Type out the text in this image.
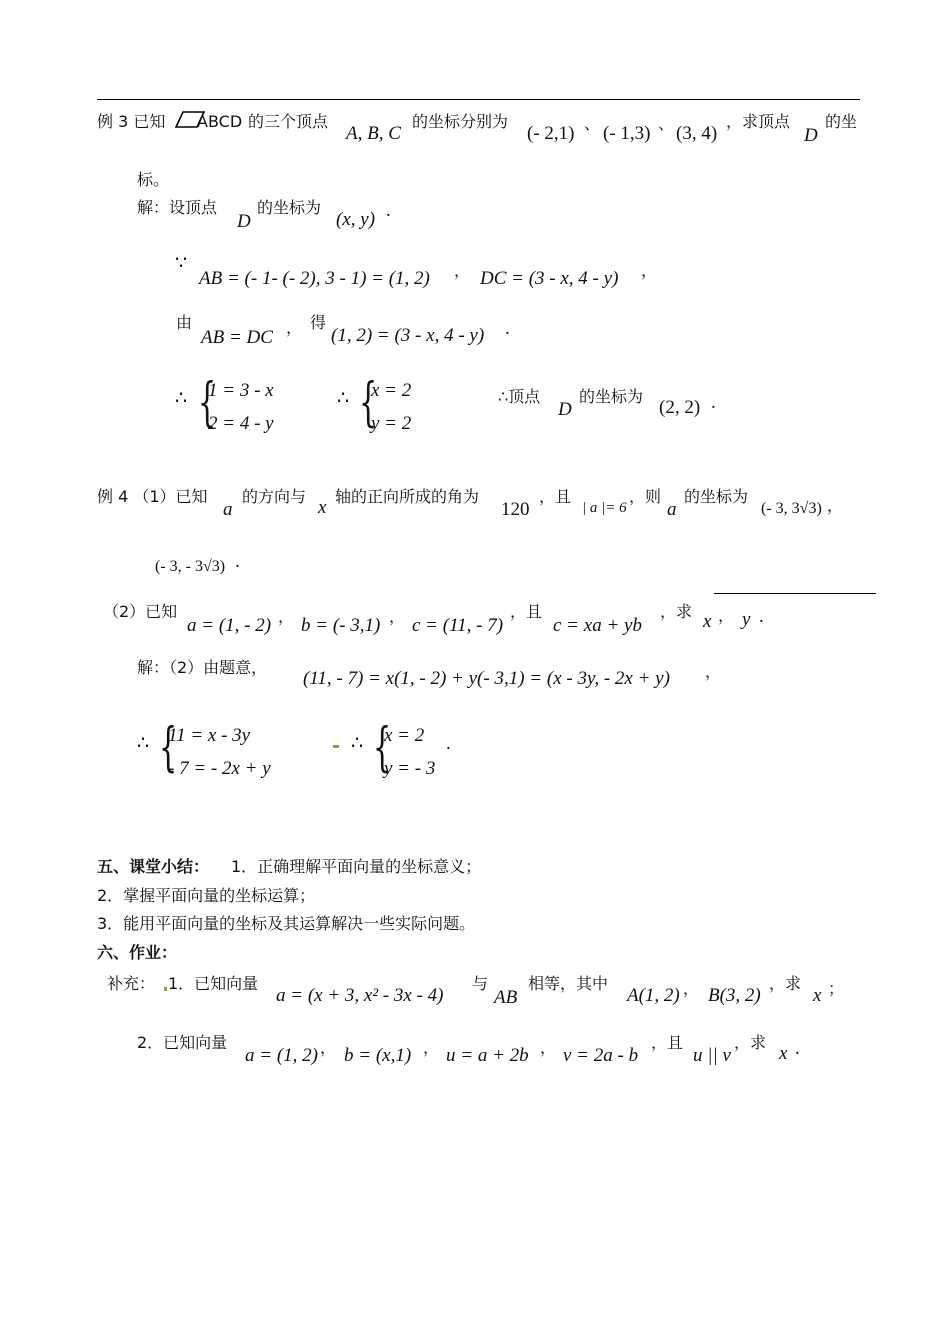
例 3 已知 ABCD 的三个顶点
A, B, C
的坐标分别为
(- 2,1) 、 (- 1,3) 、 (3, 4)
，求顶点
D
的坐
标。
解：设顶点
D
的坐标为
(x, y) .
∵
AB = (- 1- (- 2), 3 - 1) = (1, 2) ， DC = (3 - x, 4 - y) ，
由
AB = DC ， 得
(1, 2) = (3 - x, 4 - y) .
∴ {
1 = 3 - x
2 = 4 - y
∴ {
x = 2
y = 2
∴顶点
D
的坐标为
(2, 2) .
例 4 （1）已知
a
的方向与
x
轴的正向所成的角为
120
，且
| a |= 6
，则
a
的坐标为
(- 3, 3√3) ，
(- 3, - 3√3) .
（2）已知
a = (1, - 2) ， b = (- 3,1) ， c = (11, - 7)
，且
c = xa + yb
，求 x ， y .
解：（2）由题意，
(11, - 7) = x(1, - 2) + y(- 3,1) = (x - 3y, - 2x + y) ，
∴ {
11 = x - 3y
- 7 = - 2x + y
∴ {
x = 2
y = - 3
.
五、课堂小结： 1．正确理解平面向量的坐标意义；
2．掌握平面向量的坐标运算；
3．能用平面向量的坐标及其运算解决一些实际问题。
六、作业：
补充： 1．已知向量
a = (x + 3, x² - 3x - 4)
与
AB
相等，其中
A(1, 2) ， B(3, 2)
，求
x ；
2．已知向量
a = (1, 2) ， b = (x,1) ， u = a + 2b ， v = 2a - b
，且
u || v
，求
x .
